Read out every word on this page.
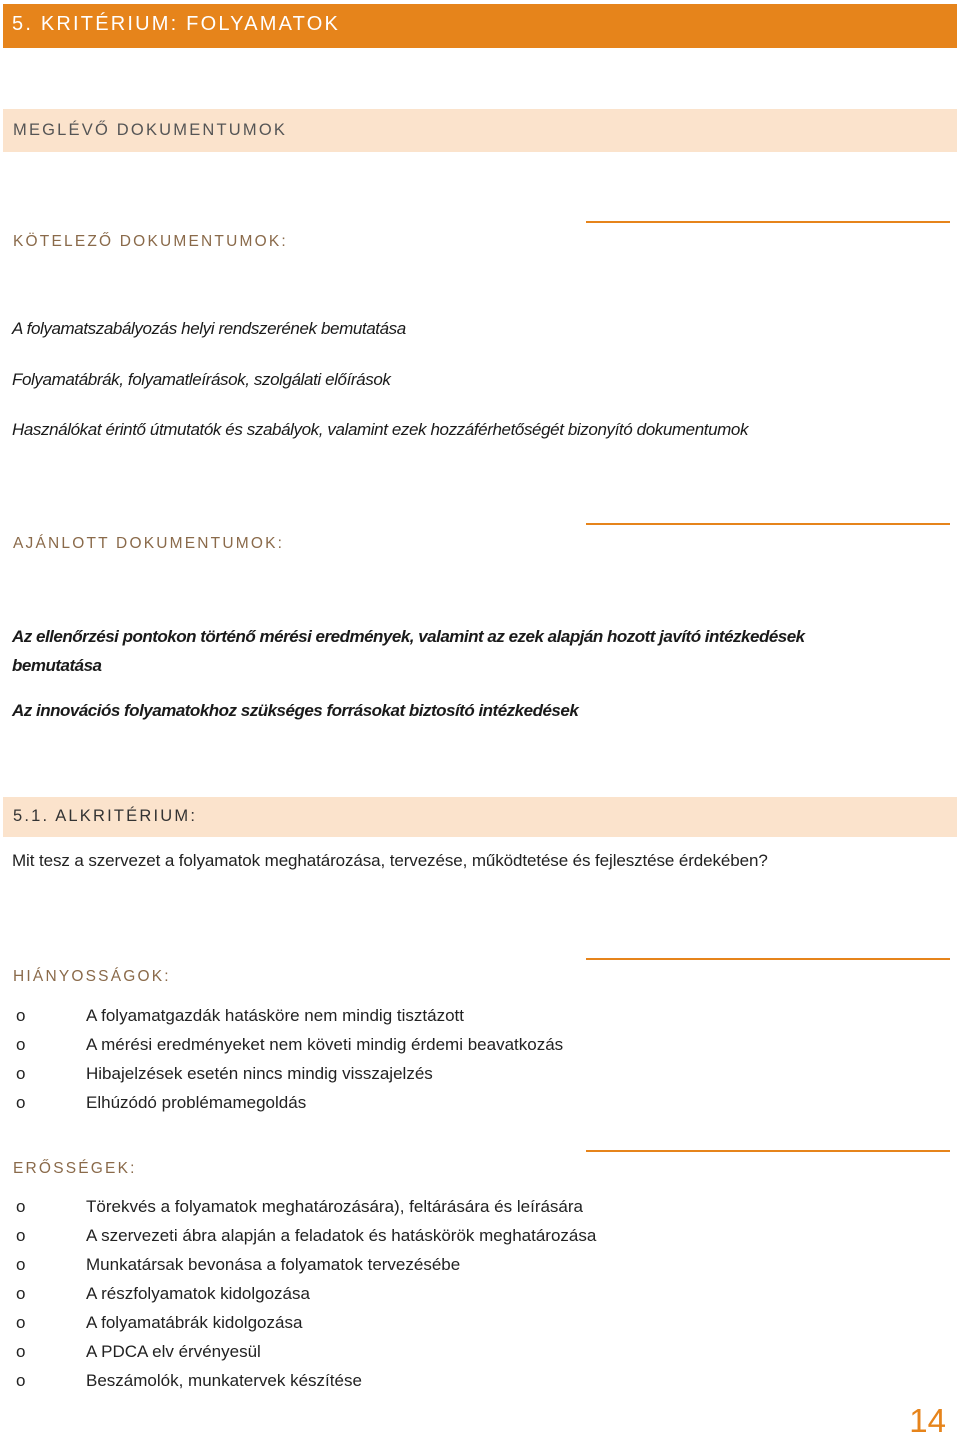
5. KRITÉRIUM: FOLYAMATOK
MEGLÉVŐ DOKUMENTUMOK
KÖTELEZŐ DOKUMENTUMOK:
A folyamatszabályozás helyi rendszerének bemutatása
Folyamatábrák, folyamatleírások, szolgálati előírások
Használókat érintő útmutatók és szabályok, valamint ezek hozzáférhetőségét bizonyító dokumentumok
AJÁNLOTT DOKUMENTUMOK:
Az ellenőrzési pontokon történő mérési eredmények, valamint az ezek alapján hozott javító intézkedések bemutatása
Az innovációs folyamatokhoz szükséges forrásokat biztosító intézkedések
5.1. ALKRITÉRIUM:
Mit tesz a szervezet a folyamatok meghatározása, tervezése, működtetése és fejlesztése érdekében?
HIÁNYOSSÁGOK:
o	A folyamatgazdák hatásköre nem mindig tisztázott
o	A mérési eredményeket nem követi mindig érdemi beavatkozás
o	Hibajelzések esetén nincs mindig visszajelzés
o	Elhúzódó problémamegoldás
ERŐSSÉGEK:
o	Törekvés a folyamatok meghatározására), feltárására és leírására
o	A szervezeti ábra alapján a feladatok és hatáskörök meghatározása
o	Munkatársak bevonása a folyamatok tervezésébe
o	A részfolyamatok kidolgozása
o	A folyamatábrák kidolgozása
o	A PDCA elv érvényesül
o	Beszámolók, munkatervek készítése
14
